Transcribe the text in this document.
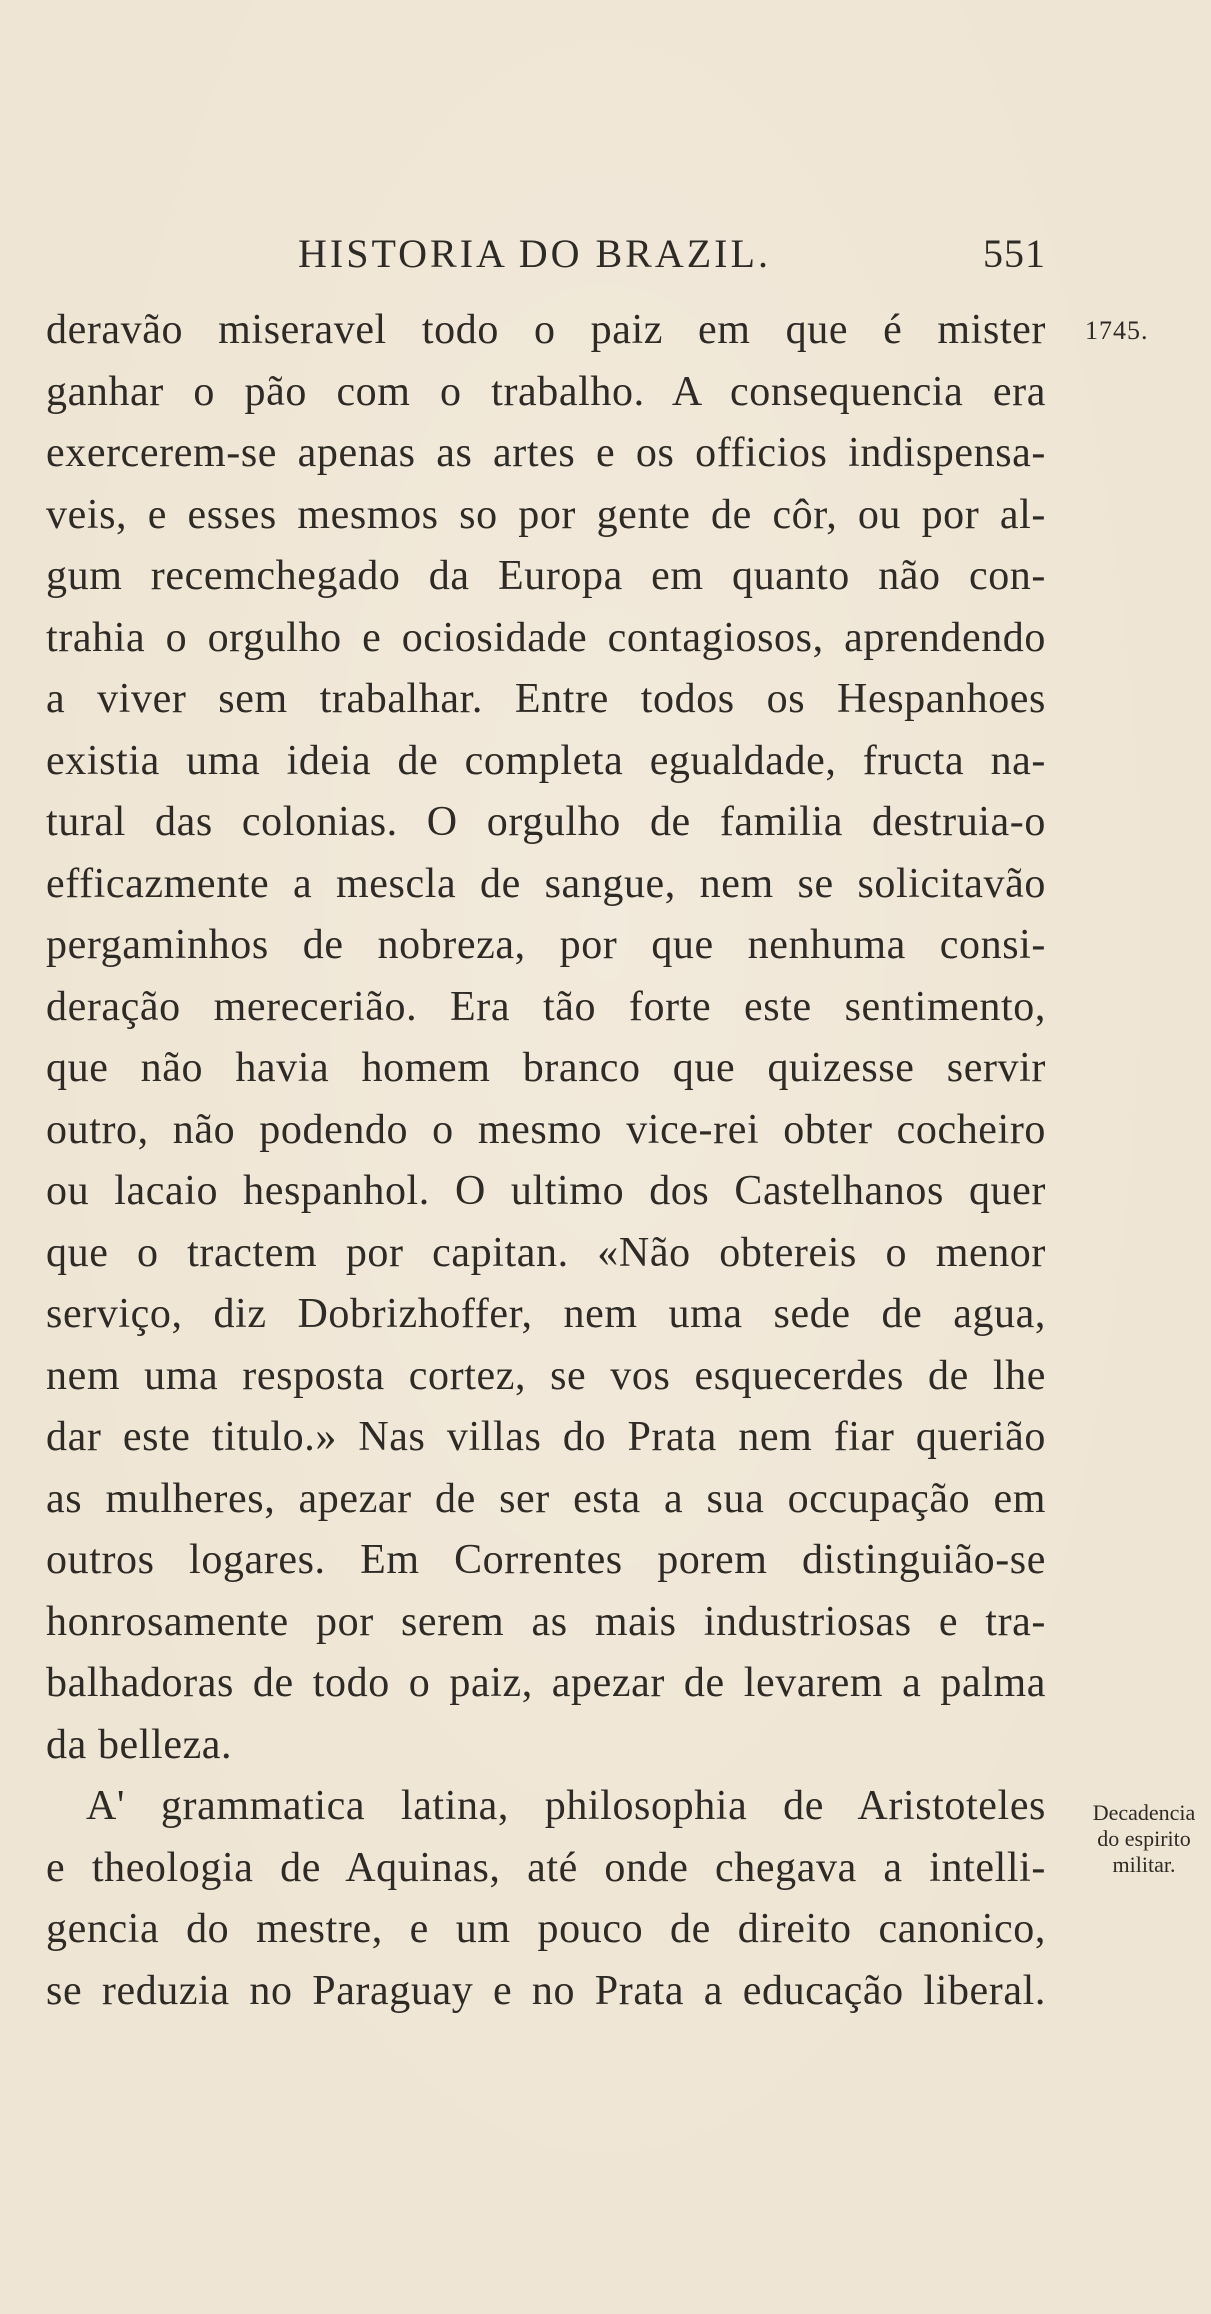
HISTORIA DO BRAZIL.	551
1745.
deravão miseravel todo o paiz em que é mister
ganhar o pão com o trabalho. A consequencia era
exercerem-se apenas as artes e os officios indispensa-
veis, e esses mesmos so por gente de côr, ou por al-
gum recemchegado da Europa em quanto não con-
trahia o orgulho e ociosidade contagiosos, aprendendo
a viver sem trabalhar. Entre todos os Hespanhoes
existia uma ideia de completa egualdade, fructa na-
tural das colonias. O orgulho de familia destruia-o
efficazmente a mescla de sangue, nem se solicitavão
pergaminhos de nobreza, por que nenhuma consi-
deração merecerião. Era tão forte este sentimento,
que não havia homem branco que quizesse servir
outro, não podendo o mesmo vice-rei obter cocheiro
ou lacaio hespanhol. O ultimo dos Castelhanos quer
que o tractem por capitan. «Não obtereis o menor
serviço, diz Dobrizhoffer, nem uma sede de agua,
nem uma resposta cortez, se vos esquecerdes de lhe
dar este titulo.» Nas villas do Prata nem fiar querião
as mulheres, apezar de ser esta a sua occupação em
outros logares. Em Correntes porem distinguião-se
honrosamente por serem as mais industriosas e tra-
balhadoras de todo o paiz, apezar de levarem a palma
da belleza.
A' grammatica latina, philosophia de Aristoteles
e theologia de Aquinas, até onde chegava a intelli-
gencia do mestre, e um pouco de direito canonico,
se reduzia no Paraguay e no Prata a educação liberal.
Decadencia
do espirito
militar.
